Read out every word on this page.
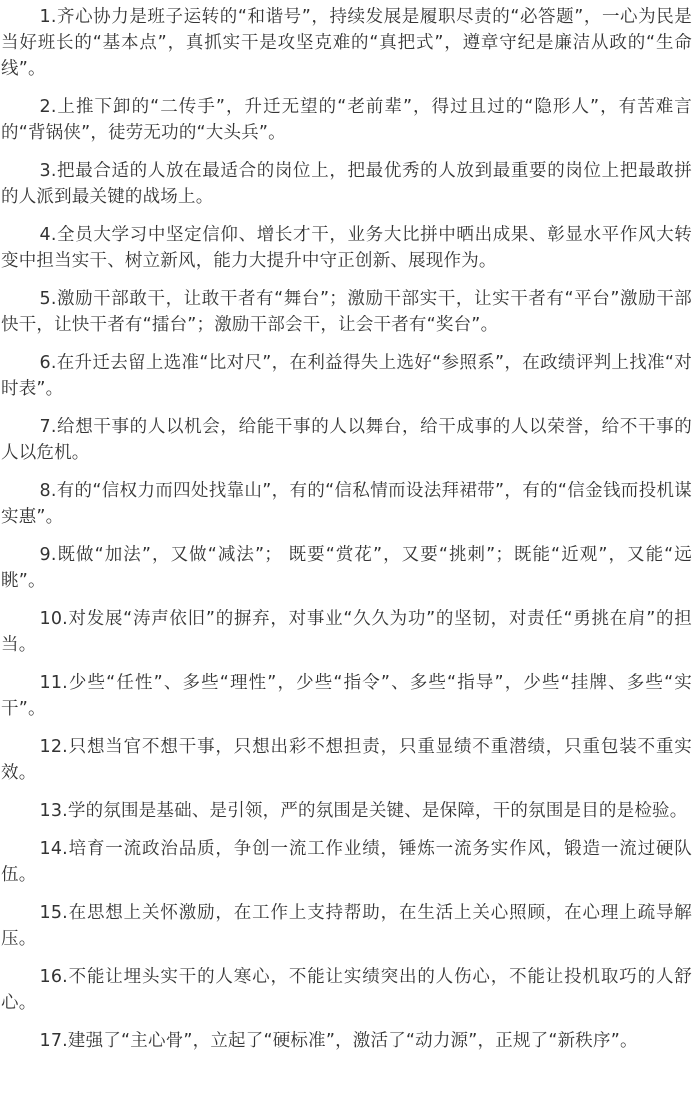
1.齐心协力是班子运转的“和谐号”，持续发展是履职尽责的“必答题”，一心为民是当好班长的“基本点”，真抓实干是攻坚克难的“真把式”，遵章守纪是廉洁从政的“生命线”。

2.上推下卸的“二传手”，升迁无望的“老前辈”，得过且过的“隐形人”，有苦难言的“背锅侠”，徒劳无功的“大头兵”。

3.把最合适的人放在最适合的岗位上，把最优秀的人放到最重要的岗位上把最敢拼的人派到最关键的战场上。

4.全员大学习中坚定信仰、增长才干，业务大比拼中晒出成果、彰显水平作风大转变中担当实干、树立新风，能力大提升中守正创新、展现作为。

5.激励干部敢干，让敢干者有“舞台”；激励干部实干，让实干者有“平台”激励干部快干，让快干者有“擂台”；激励干部会干，让会干者有“奖台”。

6.在升迁去留上选准“比对尺”，在利益得失上选好“参照系”，在政绩评判上找准“对时表”。

7.给想干事的人以机会，给能干事的人以舞台，给干成事的人以荣誉，给不干事的人以危机。

8.有的“信权力而四处找靠山”，有的“信私情而设法拜裙带”，有的“信金钱而投机谋实惠”。

9.既做“加法”，又做“减法”； 既要“赏花”，又要“挑刺”；既能“近观”，又能“远眺”。

10.对发展“涛声依旧”的摒弃，对事业“久久为功”的坚韧，对责任“勇挑在肩”的担当。

11.少些“任性”、多些“理性”，少些“指令”、多些“指导”，少些“挂牌、多些“实干”。

12.只想当官不想干事，只想出彩不想担责，只重显绩不重潜绩，只重包装不重实效。

13.学的氛围是基础、是引领，严的氛围是关键、是保障，干的氛围是目的是检验。

14.培育一流政治品质，争创一流工作业绩，锤炼一流务实作风，锻造一流过硬队伍。

15.在思想上关怀激励，在工作上支持帮助，在生活上关心照顾，在心理上疏导解压。

16.不能让埋头实干的人寒心，不能让实绩突出的人伤心，不能让投机取巧的人舒心。

17.建强了“主心骨”，立起了“硬标准”，激活了“动力源”，正规了“新秩序”。
